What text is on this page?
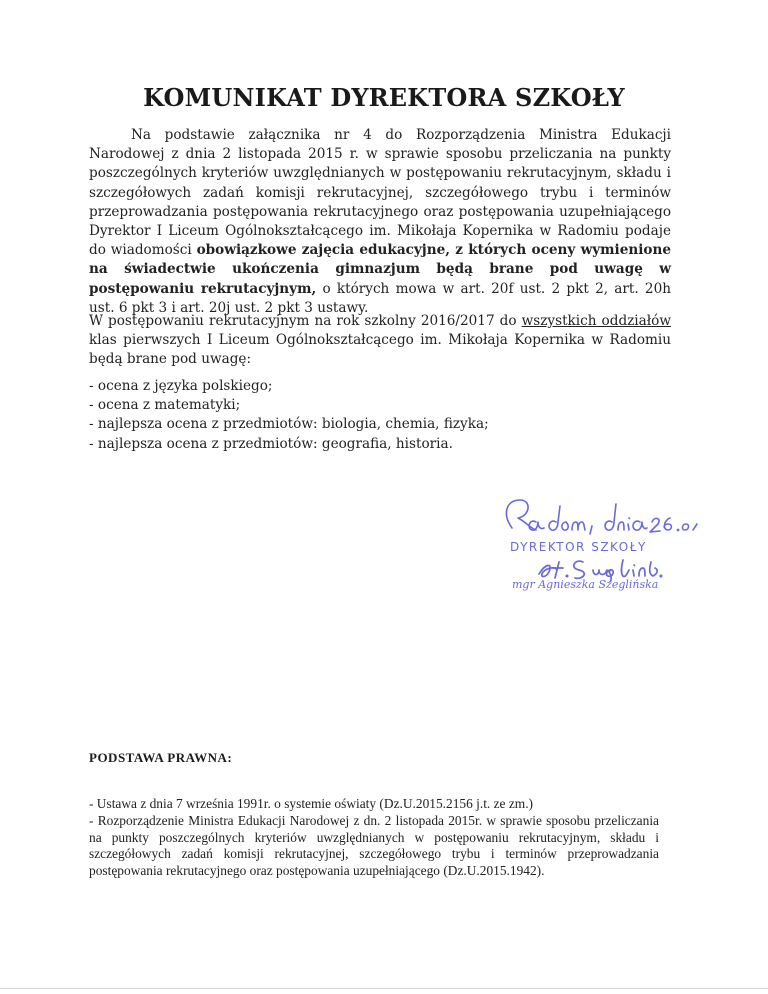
KOMUNIKAT DYREKTORA SZKOŁY

Na podstawie załącznika nr 4 do Rozporządzenia Ministra Edukacji Narodowej z dnia 2 listopada 2015 r. w sprawie sposobu przeliczania na punkty poszczególnych kryteriów uwzględnianych w postępowaniu rekrutacyjnym, składu i szczegółowych zadań komisji rekrutacyjnej, szczegółowego trybu i terminów przeprowadzania postępowania rekrutacyjnego oraz postępowania uzupełniającego Dyrektor I Liceum Ogólnokształcącego im. Mikołaja Kopernika w Radomiu podaje do wiadomości obowiązkowe zajęcia edukacyjne, z których oceny wymienione na świadectwie ukończenia gimnazjum będą brane pod uwagę w postępowaniu rekrutacyjnym, o których mowa w art. 20f ust. 2 pkt 2, art. 20h ust. 6 pkt 3 i art. 20j ust. 2 pkt 3 ustawy.

W postępowaniu rekrutacyjnym na rok szkolny 2016/2017 do wszystkich oddziałów klas pierwszych I Liceum Ogólnokształcącego im. Mikołaja Kopernika w Radomiu będą brane pod uwagę:

- ocena z języka polskiego;
- ocena z matematyki;
- najlepsza ocena z przedmiotów: biologia, chemia, fizyka;
- najlepsza ocena z przedmiotów: geografia, historia.
DYREKTOR SZKOŁY
mgr Agnieszka Szeglińska
PODSTAWA PRAWNA:
- Ustawa z dnia 7 września 1991r. o systemie oświaty (Dz.U.2015.2156 j.t. ze zm.)
- Rozporządzenie Ministra Edukacji Narodowej z dn. 2 listopada 2015r. w sprawie sposobu przeliczania na punkty poszczególnych kryteriów uwzględnianych w postępowaniu rekrutacyjnym, składu i szczegółowych zadań komisji rekrutacyjnej, szczegółowego trybu i terminów przeprowadzania postępowania rekrutacyjnego oraz postępowania uzupełniającego (Dz.U.2015.1942).
